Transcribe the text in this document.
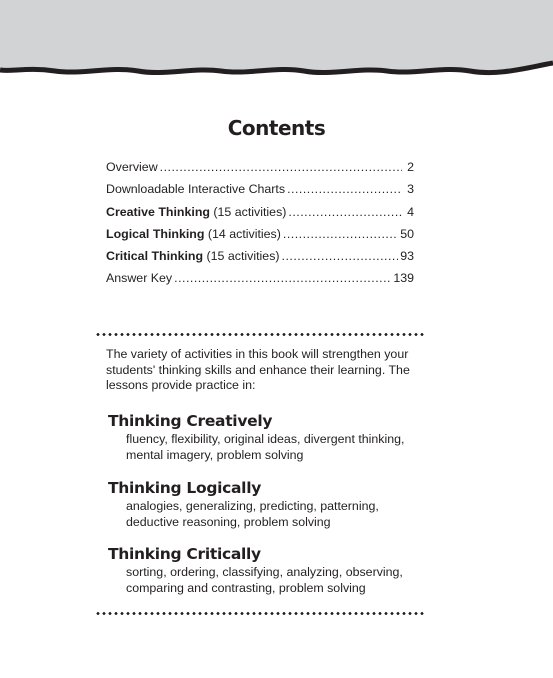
Contents
Overview .....	2
Downloadable Interactive Charts .....	3
Creative Thinking (15 activities) .....	4
Logical Thinking (14 activities) .....	50
Critical Thinking (15 activities) .....	93
Answer Key .....	139

The variety of activities in this book will strengthen your students' thinking skills and enhance their learning. The lessons provide practice in:

Thinking Creatively

fluency, flexibility, original ideas, divergent thinking, mental imagery, problem solving

Thinking Logically

analogies, generalizing, predicting, patterning, deductive reasoning, problem solving

Thinking Critically

sorting, ordering, classifying, analyzing, observing, comparing and contrasting, problem solving
